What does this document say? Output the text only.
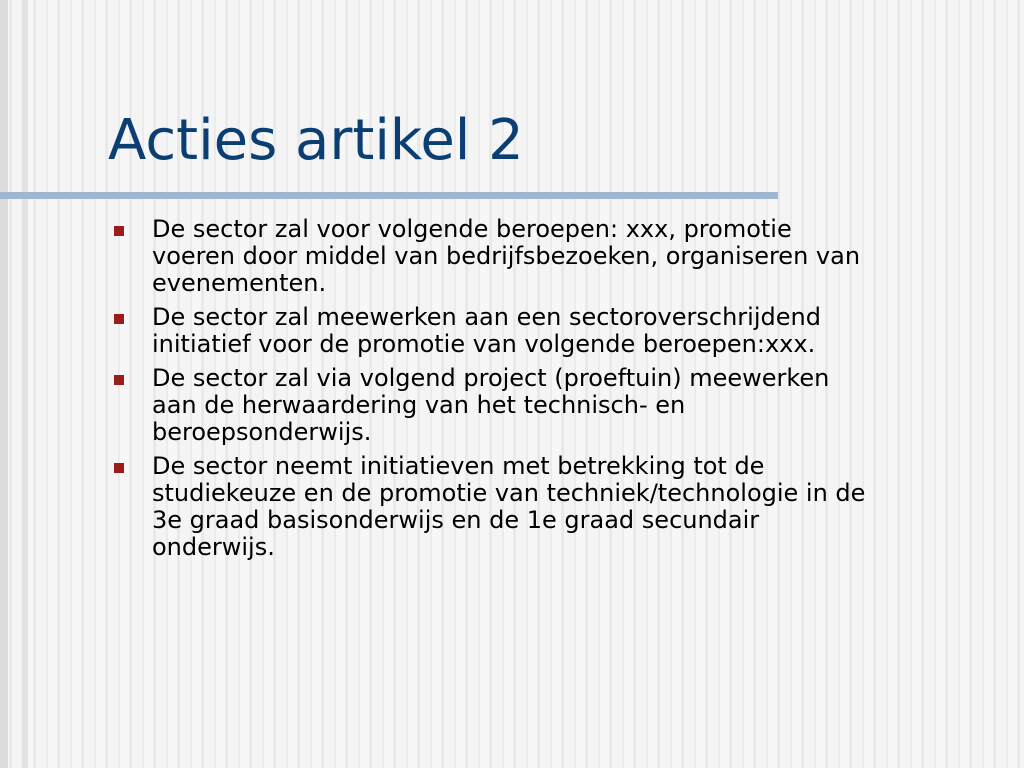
Acties artikel 2
De sector zal voor volgende beroepen: xxx, promotie
voeren door middel van bedrijfsbezoeken, organiseren van
evenementen.
De sector zal meewerken aan een sectoroverschrijdend
initiatief voor de promotie van volgende beroepen:xxx.
De sector zal via volgend project (proeftuin) meewerken
aan de herwaardering van het technisch- en
beroepsonderwijs.
De sector neemt initiatieven met betrekking tot de
studiekeuze en de promotie van techniek/technologie in de
3e graad basisonderwijs en de 1e graad secundair
onderwijs.
